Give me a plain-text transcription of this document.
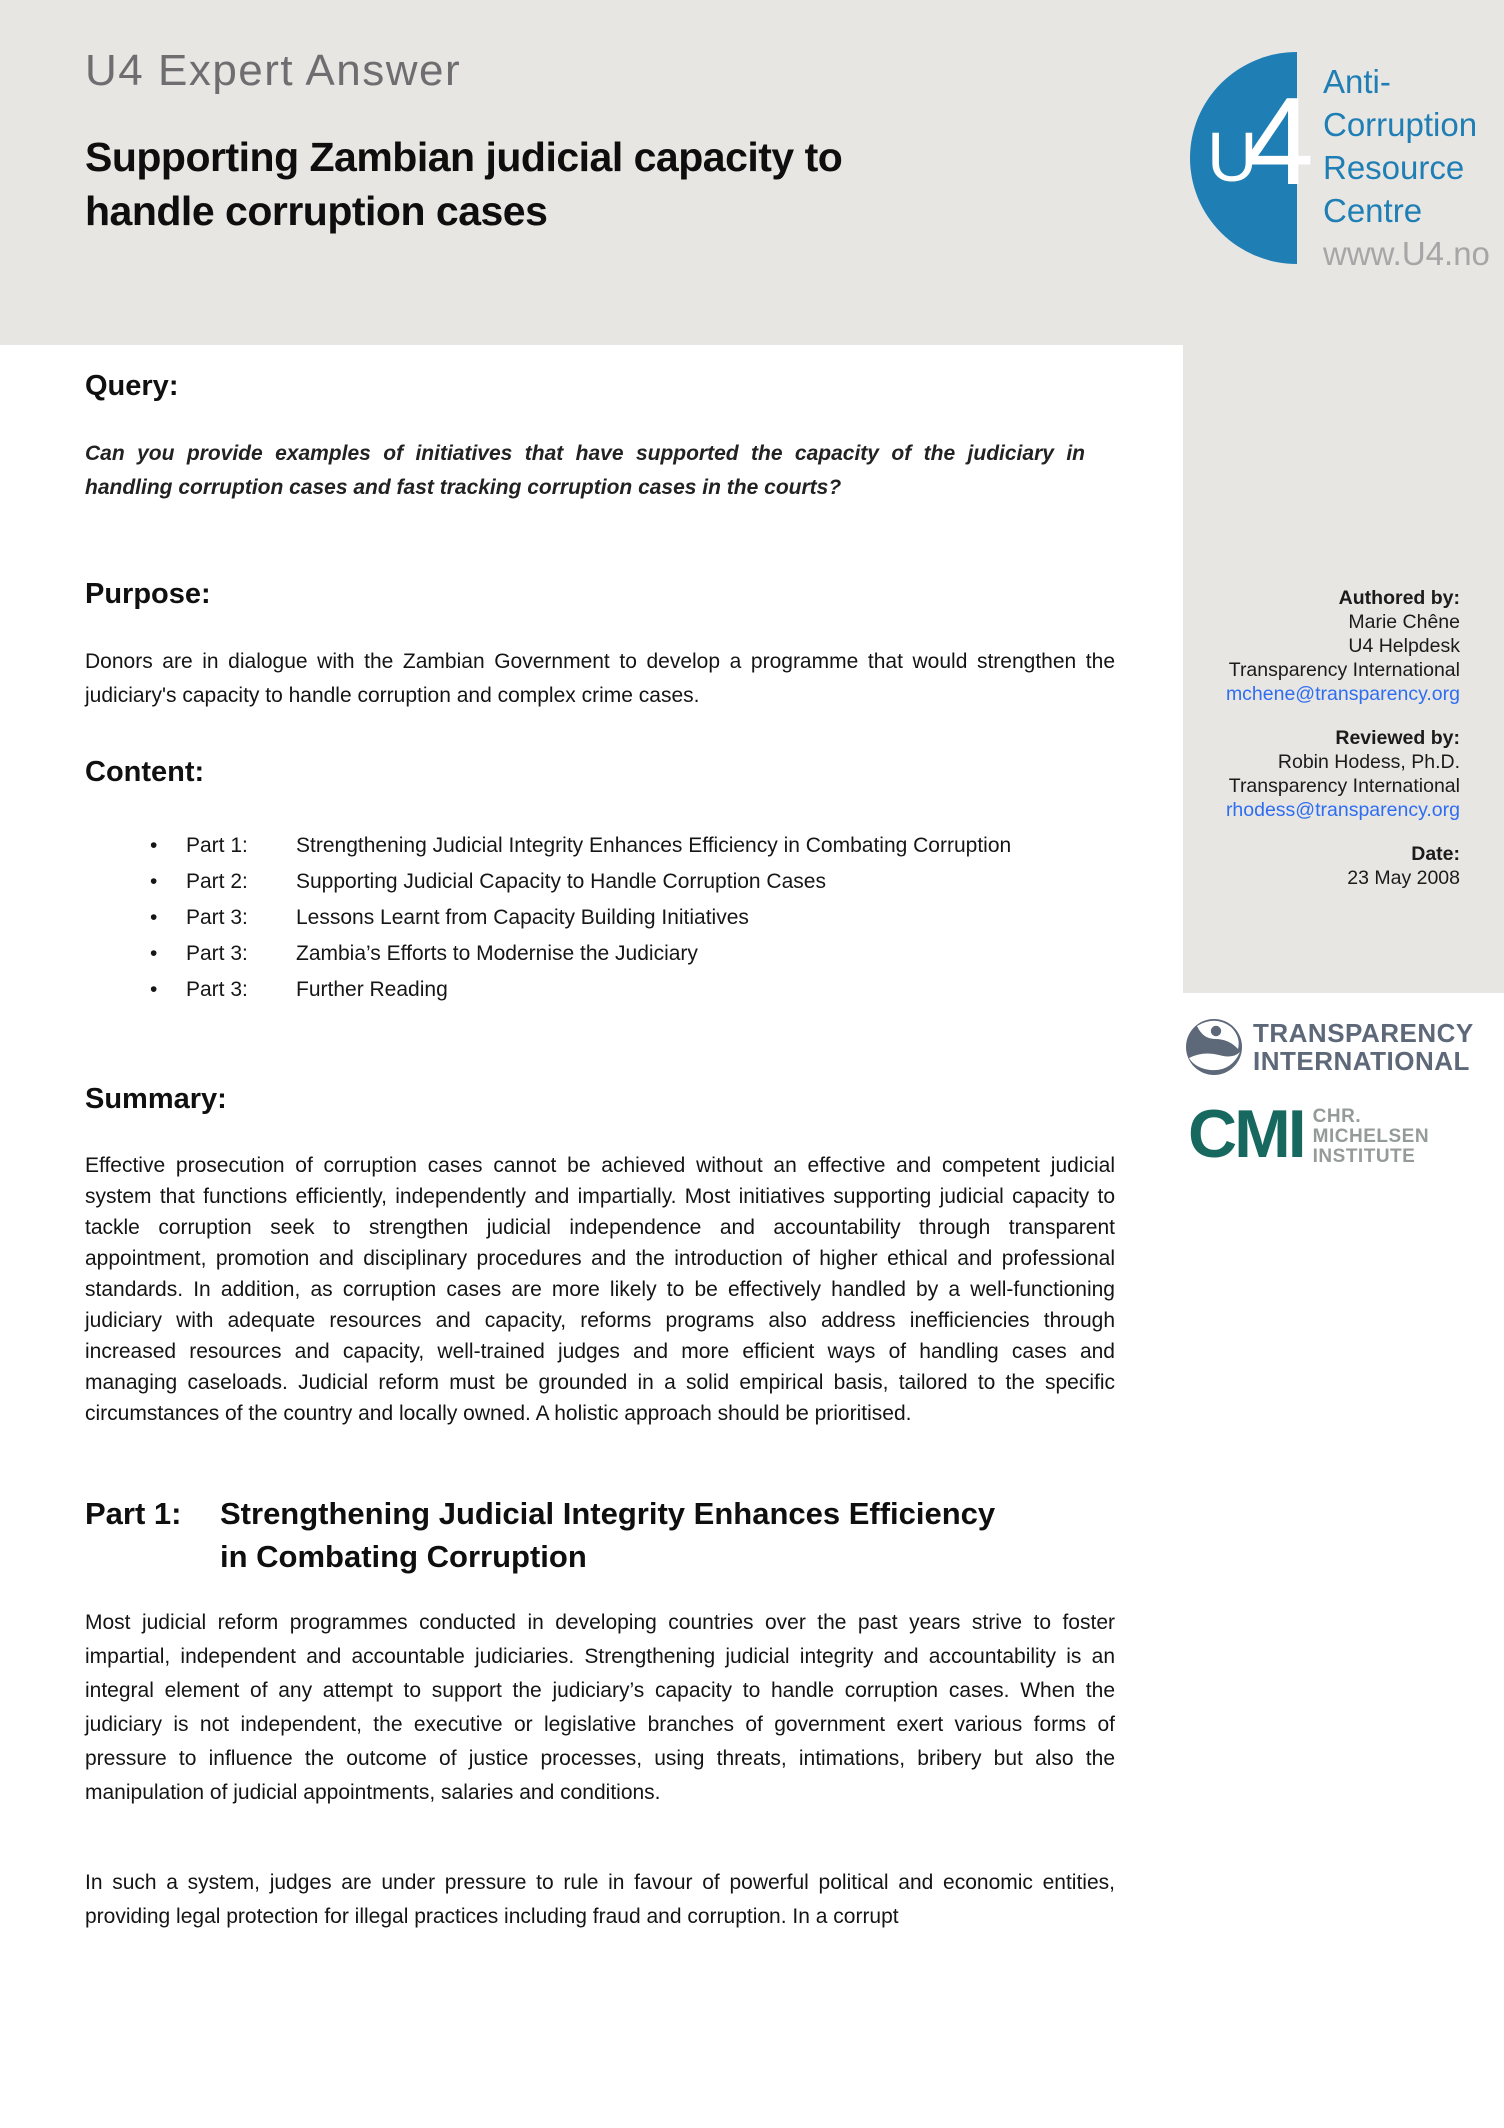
U4 Expert Answer
Supporting Zambian judicial capacity to
handle corruption cases
U
4 Anti-
Corruption
Resource
Centre
www.U4.no
Query:
Can you provide examples of initiatives that have supported the capacity of the judiciary in handling corruption cases and fast tracking corruption cases in the courts?
Purpose:
Donors are in dialogue with the Zambian Government to develop a programme that would strengthen the judiciary's capacity to handle corruption and complex crime cases.
Content:
•	Part 1:	Strengthening Judicial Integrity Enhances Efficiency in Combating Corruption
•	Part 2:	Supporting Judicial Capacity to Handle Corruption Cases
•	Part 3:	Lessons Learnt from Capacity Building Initiatives
•	Part 3:	Zambia’s Efforts to Modernise the Judiciary
•	Part 3:	Further Reading
Summary:
Effective prosecution of corruption cases cannot be achieved without an effective and competent judicial system that functions efficiently, independently and impartially. Most initiatives supporting judicial capacity to tackle corruption seek to strengthen judicial independence and accountability through transparent appointment, promotion and disciplinary procedures and the introduction of higher ethical and professional standards. In addition, as corruption cases are more likely to be effectively handled by a well-functioning judiciary with adequate resources and capacity, reforms programs also address inefficiencies through increased resources and capacity, well-trained judges and more efficient ways of handling cases and managing caseloads. Judicial reform must be grounded in a solid empirical basis, tailored to the specific circumstances of the country and locally owned. A holistic approach should be prioritised.
Part 1:	Strengthening Judicial Integrity Enhances Efficiency in Combating Corruption
Most judicial reform programmes conducted in developing countries over the past years strive to foster impartial, independent and accountable judiciaries. Strengthening judicial integrity and accountability is an integral element of any attempt to support the judiciary’s capacity to handle corruption cases. When the judiciary is not independent, the executive or legislative branches of government exert various forms of pressure to influence the outcome of justice processes, using threats, intimations, bribery but also the manipulation of judicial appointments, salaries and conditions.
In such a system, judges are under pressure to rule in favour of powerful political and economic entities, providing legal protection for illegal practices including fraud and corruption. In a corrupt
Authored by:
Marie Chêne
U4 Helpdesk
Transparency International
mchene@transparency.org
Reviewed by:
Robin Hodess, Ph.D.
Transparency International
rhodess@transparency.org
Date:
23 May 2008
TRANSPARENCY
INTERNATIONAL
CMI CHR.
MICHELSEN
INSTITUTE
